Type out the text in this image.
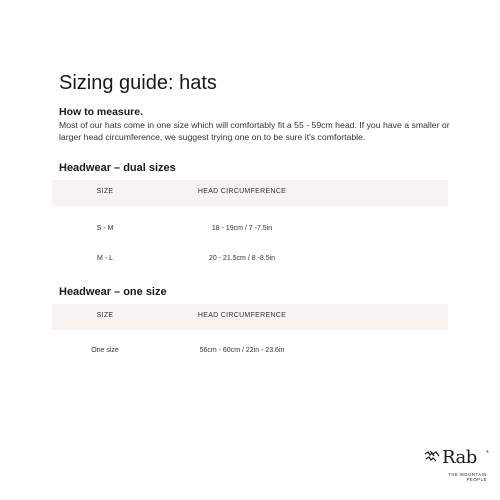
Sizing guide: hats
How to measure.

Most of our hats come in one size which will comfortably fit a 55 - 59cm head. If you have a smaller or larger head circumference, we suggest trying one on to be sure it's comfortable.

Headwear – dual sizes
SIZE	HEAD CIRCUMFERENCE
S - M	18 - 19cm / 7 -7.5in
M - L	20 - 21.5cm / 8 -8.5in
Headwear – one size
SIZE	HEAD CIRCUMFERENCE
One size	56cm - 60cm / 22in - 23.6in
Rab ®
THE MOUNTAIN
PEOPLE
